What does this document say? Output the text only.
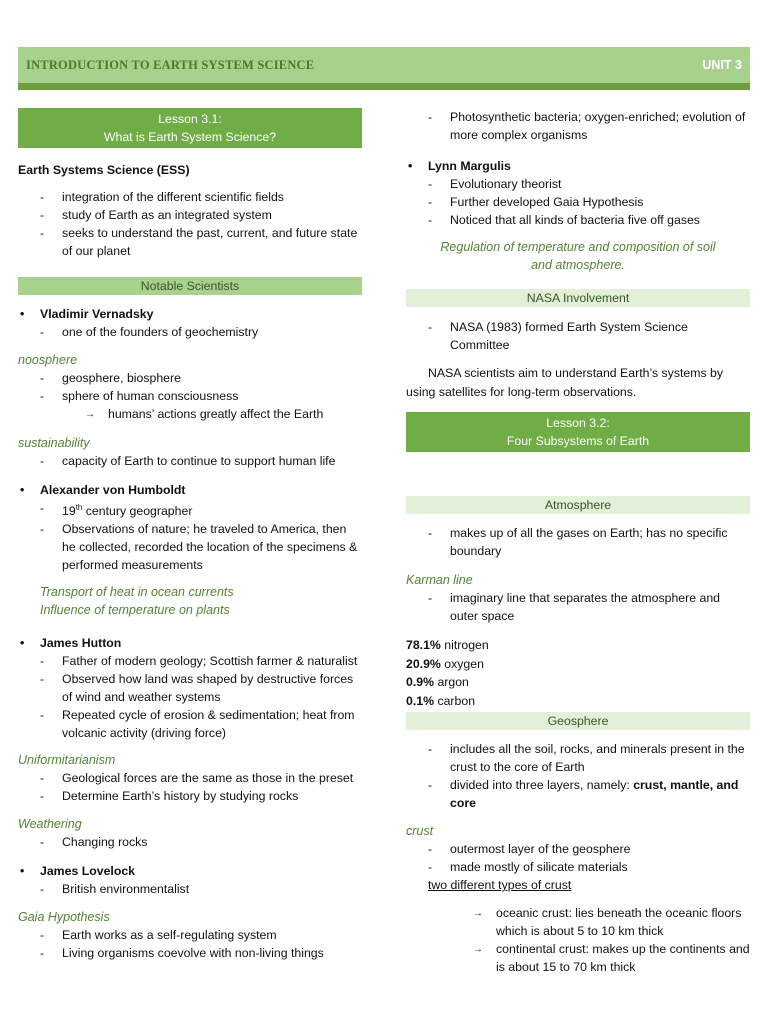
INTRODUCTION TO EARTH SYSTEM SCIENCE	UNIT 3
Lesson 3.1:
What is Earth System Science?
Earth Systems Science (ESS)
- integration of the different scientific fields
- study of Earth as an integrated system
- seeks to understand the past, current, and future state of our planet
Notable Scientists
• Vladimir Vernadsky
- one of the founders of geochemistry
noosphere
- geosphere, biosphere
- sphere of human consciousness
→ humans’ actions greatly affect the Earth
sustainability
- capacity of Earth to continue to support human life
• Alexander von Humboldt
- 19th century geographer
- Observations of nature; he traveled to America, then he collected, recorded the location of the specimens & performed measurements
Transport of heat in ocean currents
Influence of temperature on plants
• James Hutton
- Father of modern geology; Scottish farmer & naturalist
- Observed how land was shaped by destructive forces of wind and weather systems
- Repeated cycle of erosion & sedimentation; heat from volcanic activity (driving force)
Uniformitarianism
- Geological forces are the same as those in the preset
- Determine Earth’s history by studying rocks
Weathering
- Changing rocks
• James Lovelock
- British environmentalist
Gaia Hypothesis
- Earth works as a self-regulating system
- Living organisms coevolve with non-living things
- Photosynthetic bacteria; oxygen-enriched; evolution of more complex organisms
• Lynn Margulis
- Evolutionary theorist
- Further developed Gaia Hypothesis
- Noticed that all kinds of bacteria five off gases
Regulation of temperature and composition of soil and atmosphere.
NASA Involvement
- NASA (1983) formed Earth System Science Committee
NASA scientists aim to understand Earth’s systems by using satellites for long-term observations.
Lesson 3.2:
Four Subsystems of Earth
Atmosphere
- makes up of all the gases on Earth; has no specific boundary
Karman line
- imaginary line that separates the atmosphere and outer space
78.1% nitrogen
20.9% oxygen
0.9% argon
0.1% carbon
Geosphere
- includes all the soil, rocks, and minerals present in the crust to the core of Earth
- divided into three layers, namely: crust, mantle, and core
crust
- outermost layer of the geosphere
- made mostly of silicate materials
two different types of crust
→ oceanic crust: lies beneath the oceanic floors which is about 5 to 10 km thick
→ continental crust: makes up the continents and is about 15 to 70 km thick
